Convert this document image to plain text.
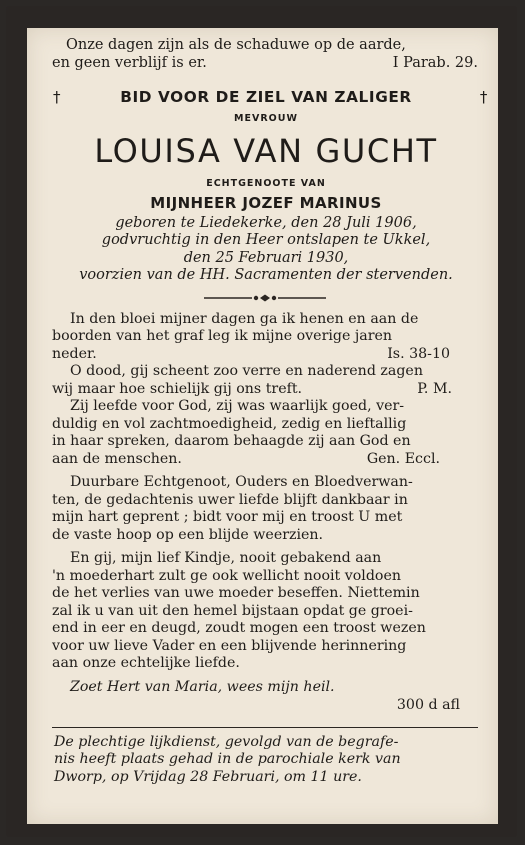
Onze dagen zijn als de schaduwe op de aarde,
en geen verblijf is er.	I Parab. 29.
†	BID VOOR DE ZIEL VAN ZALIGER	†
MEVROUW
LOUISA VAN GUCHT
ECHTGENOOTE VAN
MIJNHEER JOZEF MARINUS
geboren te Liedekerke, den 28 Juli 1906,
godvruchtig in den Heer ontslapen te Ukkel,
den 25 Februari 1930,
voorzien van de HH. Sacramenten der stervenden.
In den bloei mijner dagen ga ik henen en aan de
boorden van het graf leg ik mijne overige jaren
neder.	Is. 38-10
O dood, gij scheent zoo verre en naderend zagen
wij maar hoe schielijk gij ons treft.	P. M.
Zij leefde voor God, zij was waarlijk goed, ver-
duldig en vol zachtmoedigheid, zedig en lieftallig
in haar spreken, daarom behaagde zij aan God en
aan de menschen.	Gen. Eccl.
Duurbare Echtgenoot, Ouders en Bloedverwan-
ten, de gedachtenis uwer liefde blijft dankbaar in
mijn hart geprent ; bidt voor mij en troost U met
de vaste hoop op een blijde weerzien.
En gij, mijn lief Kindje, nooit gebakend aan
'n moederhart zult ge ook wellicht nooit voldoen
de het verlies van uwe moeder beseffen. Niettemin
zal ik u van uit den hemel bijstaan opdat ge groei-
end in eer en deugd, zoudt mogen een troost wezen
voor uw lieve Vader en een blijvende herinnering
aan onze echtelijke liefde.
Zoet Hert van Maria, wees mijn heil.
300 d afl
De plechtige lijkdienst, gevolgd van de begrafe-
nis heeft plaats gehad in de parochiale kerk van
Dworp, op Vrijdag 28 Februari, om 11 ure.
